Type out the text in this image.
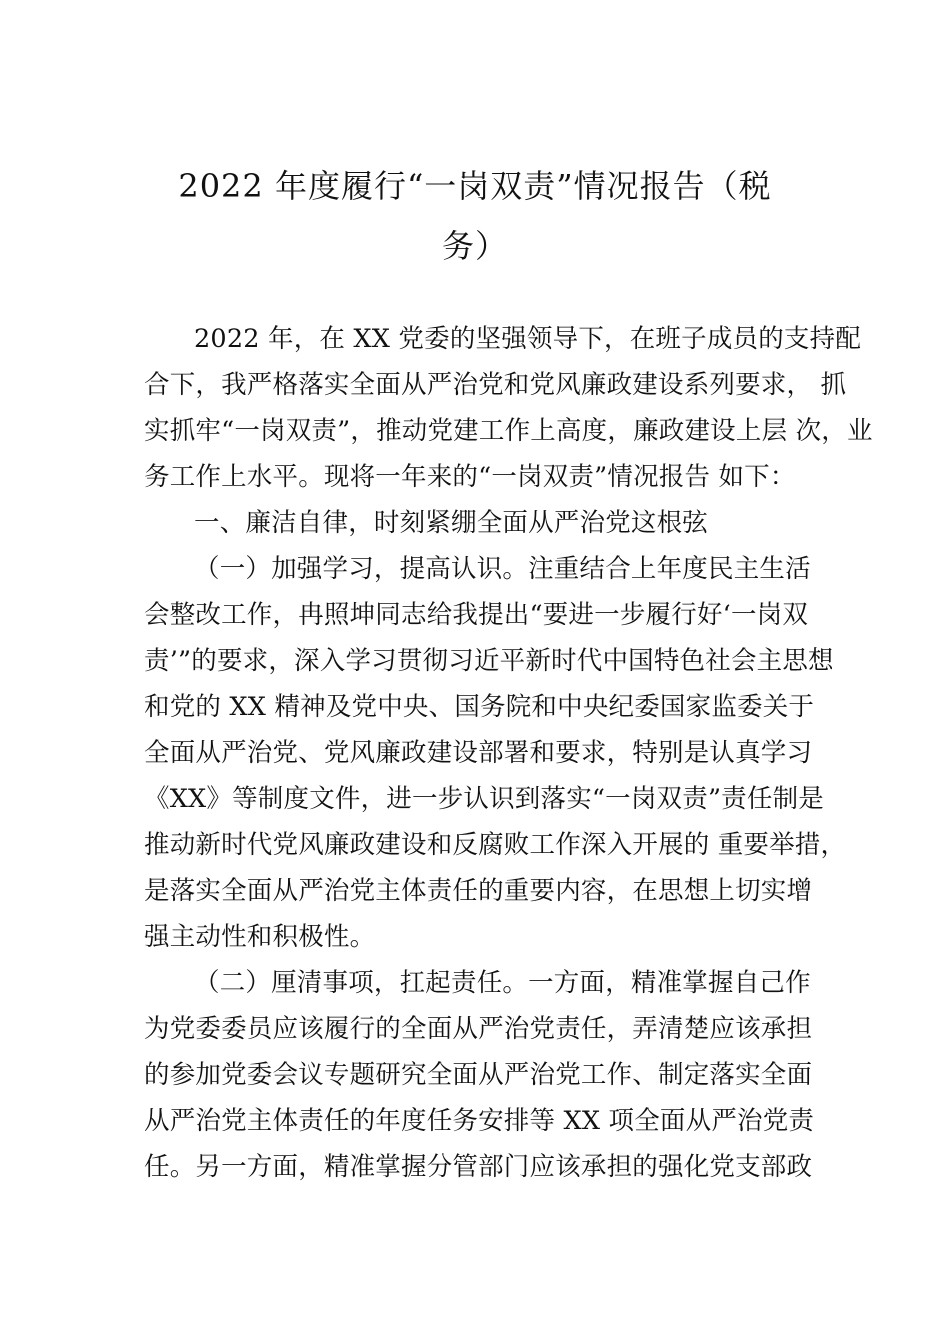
2022 年度履行“一岗双责”情况报告（税
务）
2022 年，在 XX 党委的坚强领导下，在班子成员的支持配
合下，我严格落实全面从严治党和党风廉政建设系列要求， 抓
实抓牢“一岗双责”，推动党建工作上高度，廉政建设上层 次，业
务工作上水平。现将一年来的“一岗双责”情况报告 如下：
一、廉洁自律，时刻紧绷全面从严治党这根弦
（一）加强学习，提高认识。注重结合上年度民主生活
会整改工作，冉照坤同志给我提出“要进一步履行好‘一岗双
责’”的要求，深入学习贯彻习近平新时代中国特色社会主思想
和党的 XX 精神及党中央、国务院和中央纪委国家监委关于
全面从严治党、党风廉政建设部署和要求，特别是认真学习
《XX》等制度文件，进一步认识到落实“一岗双责”责任制是
推动新时代党风廉政建设和反腐败工作深入开展的 重要举措，
是落实全面从严治党主体责任的重要内容，在思想上切实增
强主动性和积极性。
（二）厘清事项，扛起责任。一方面，精准掌握自己作
为党委委员应该履行的全面从严治党责任，弄清楚应该承担
的参加党委会议专题研究全面从严治党工作、制定落实全面
从严治党主体责任的年度任务安排等 XX 项全面从严治党责
任。另一方面，精准掌握分管部门应该承担的强化党支部政
